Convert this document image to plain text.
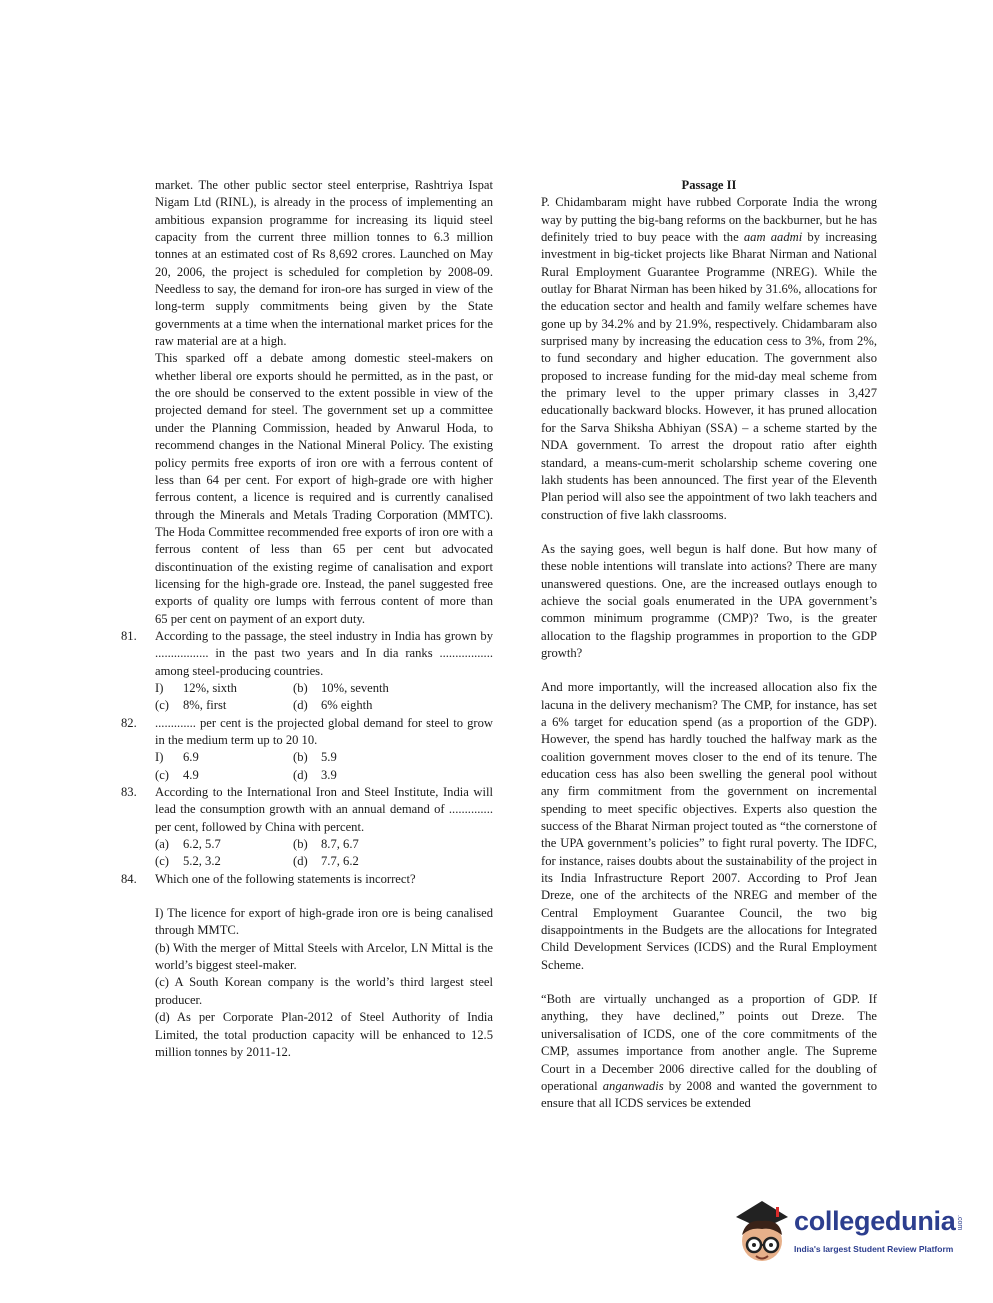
market. The other public sector steel enterprise, Rashtriya Ispat Nigam Ltd (RINL), is already in the process of implementing an ambitious expansion programme for increasing its liquid steel capacity from the current three million tonnes to 6.3 million tonnes at an estimated cost of Rs 8,692 crores. Launched on May 20, 2006, the project is scheduled for completion by 2008-09. Needless to say, the demand for iron-ore has surged in view of the long-term supply commitments being given by the State governments at a time when the international market prices for the raw material are at a high.

This sparked off a debate among domestic steel-makers on whether liberal ore exports should he permitted, as in the past, or the ore should be conserved to the extent possible in view of the projected demand for steel. The government set up a committee under the Planning Commission, headed by Anwarul Hoda, to recommend changes in the National Mineral Policy. The existing policy permits free exports of iron ore with a ferrous content of less than 64 per cent. For export of high-grade ore with higher ferrous content, a licence is required and is currently canalised through the Minerals and Metals Trading Corporation (MMTC). The Hoda Committee recommended free exports of iron ore with a ferrous content of less than 65 per cent but advocated discontinuation of the existing regime of canalisation and export licensing for the high-grade ore. Instead, the panel suggested free exports of quality ore lumps with ferrous content of more than

65 per cent on payment of an export duty.

81. According to the passage, the steel industry in India has grown by ................. in the past two years and In dia ranks ................. among steel-producing countries.

I) 12%, sixth	(b) 10%, seventh
(c) 8%, first	(d) 6% eighth
82. ............. per cent is the projected global demand for steel to grow in the medium term up to 20 10.

I) 6.9	(b) 5.9
(c) 4.9	(d) 3.9
83. According to the International Iron and Steel Institute, India will lead the consumption growth with an annual demand of .............. per cent, followed by China with percent.

(a) 6.2, 5.7	(b) 8.7, 6.7
(c) 5.2, 3.2	(d) 7.7, 6.2
84. Which one of the following statements is incorrect?

I) The licence for export of high-grade iron ore is being canalised through MMTC.

(b) With the merger of Mittal Steels with Arcelor, LN Mittal is the world’s biggest steel-maker.

(c) A South Korean company is the world’s third largest steel producer.

(d) As per Corporate Plan-2012 of Steel Authority of India Limited, the total production capacity will be enhanced to 12.5 million tonnes by 2011-12.

Passage II

P. Chidambaram might have rubbed Corporate India the wrong way by putting the big-bang reforms on the backburner, but he has definitely tried to buy peace with the aam aadmi by increasing investment in big-ticket projects like Bharat Nirman and National Rural Employment Guarantee Programme (NREG). While the outlay for Bharat Nirman has been hiked by 31.6%, allocations for the education sector and health and family welfare schemes have gone up by 34.2% and by 21.9%, respectively. Chidambaram also surprised many by increasing the education cess to 3%, from 2%, to fund secondary and higher education. The government also proposed to increase funding for the mid-day meal scheme from the primary level to the upper primary classes in 3,427 educationally backward blocks. However, it has pruned allocation for the Sarva Shiksha Abhiyan (SSA) – a scheme started by the NDA government. To arrest the dropout ratio after eighth standard, a means-cum-merit scholarship scheme covering one lakh students has been announced. The first year of the Eleventh Plan period will also see the appointment of two lakh teachers and construction of five lakh classrooms.

As the saying goes, well begun is half done. But how many of these noble intentions will translate into actions? There are many unanswered questions. One, are the increased outlays enough to achieve the social goals enumerated in the UPA government’s common minimum programme (CMP)? Two, is the greater allocation to the flagship programmes in proportion to the GDP growth?

And more importantly, will the increased allocation also fix the lacuna in the delivery mechanism? The CMP, for instance, has set a 6% target for education spend (as a proportion of the GDP). However, the spend has hardly touched the halfway mark as the coalition government moves closer to the end of its tenure. The education cess has also been swelling the general pool without any firm commitment from the government on incremental spending to meet specific objectives. Experts also question the success of the Bharat Nirman project touted as “the cornerstone of the UPA government’s policies” to fight rural poverty. The IDFC, for instance, raises doubts about the sustainability of the project in its India Infrastructure Report 2007. According to Prof Jean Dreze, one of the architects of the NREG and member of the Central Employment Guarantee Council, the two big disappointments in the Budgets are the allocations for Integrated Child Development Services (ICDS) and the Rural Employment Scheme.

“Both are virtually unchanged as a proportion of GDP. If anything, they have declined,” points out Dreze. The universalisation of ICDS, one of the core commitments of the CMP, assumes importance from another angle. The Supreme Court in a December 2006 directive called for the doubling of operational anganwadis by 2008 and wanted the government to ensure that all ICDS services be extended

collegedunia .com
India's largest Student Review Platform
